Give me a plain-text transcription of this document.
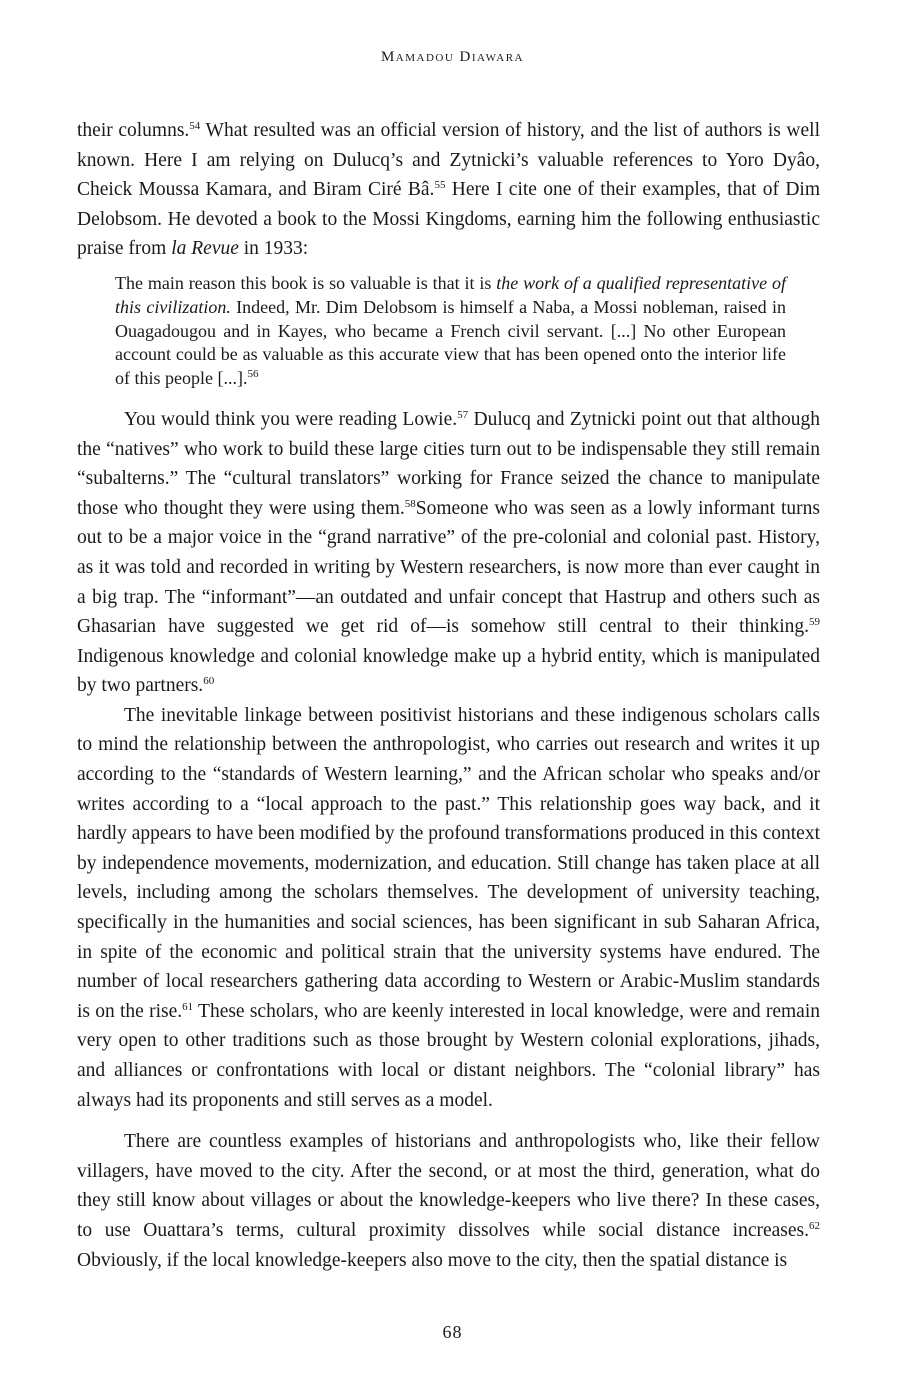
Mamadou Diawara

their columns.$^{54}$ What resulted was an official version of history, and the list of authors is well known. Here I am relying on Dulucq’s and Zytnicki’s valuable references to Yoro Dyâo, Cheick Moussa Kamara, and Biram Ciré Bâ.$^{55}$ Here I cite one of their examples, that of Dim Delobsom. He devoted a book to the Mossi Kingdoms, earning him the following enthusiastic praise from la Revue in 1933:

The main reason this book is so valuable is that it is the work of a qualified representative of this civilization. Indeed, Mr. Dim Delobsom is himself a Naba, a Mossi nobleman, raised in Ouagadougou and in Kayes, who became a French civil servant. [...] No other European account could be as valuable as this accurate view that has been opened onto the interior life of this people [...].$^{56}$

You would think you were reading Lowie.$^{57}$ Dulucq and Zytnicki point out that although the “natives” who work to build these large cities turn out to be indispensable they still remain “subalterns.” The “cultural translators” working for France seized the chance to manipulate those who thought they were using them.$^{58}$Someone who was seen as a lowly informant turns out to be a major voice in the “grand narrative” of the pre-colonial and colonial past. History, as it was told and recorded in writing by Western researchers, is now more than ever caught in a big trap. The “informant”—an outdated and unfair concept that Hastrup and others such as Ghasarian have suggested we get rid of—is somehow still central to their thinking.$^{59}$ Indigenous knowledge and colonial knowledge make up a hybrid entity, which is manipulated by two partners.$^{60}$

The inevitable linkage between positivist historians and these indigenous scholars calls to mind the relationship between the anthropologist, who carries out research and writes it up according to the “standards of Western learning,” and the African scholar who speaks and/or writes according to a “local approach to the past.” This relationship goes way back, and it hardly appears to have been modified by the profound transformations produced in this context by independence movements, modernization, and education. Still change has taken place at all levels, including among the scholars themselves. The development of university teaching, specifically in the humanities and social sciences, has been significant in sub Saharan Africa, in spite of the economic and political strain that the university systems have endured. The number of local researchers gathering data according to Western or Arabic-Muslim standards is on the rise.$^{61}$ These scholars, who are keenly interested in local knowledge, were and remain very open to other traditions such as those brought by Western colonial explorations, jihads, and alliances or confrontations with local or distant neighbors. The “colonial library” has always had its proponents and still serves as a model.

There are countless examples of historians and anthropologists who, like their fellow villagers, have moved to the city. After the second, or at most the third, generation, what do they still know about villages or about the knowledge-keepers who live there? In these cases, to use Ouattara’s terms, cultural proximity dissolves while social distance increases.$^{62}$ Obviously, if the local knowledge-keepers also move to the city, then the spatial distance is

68
